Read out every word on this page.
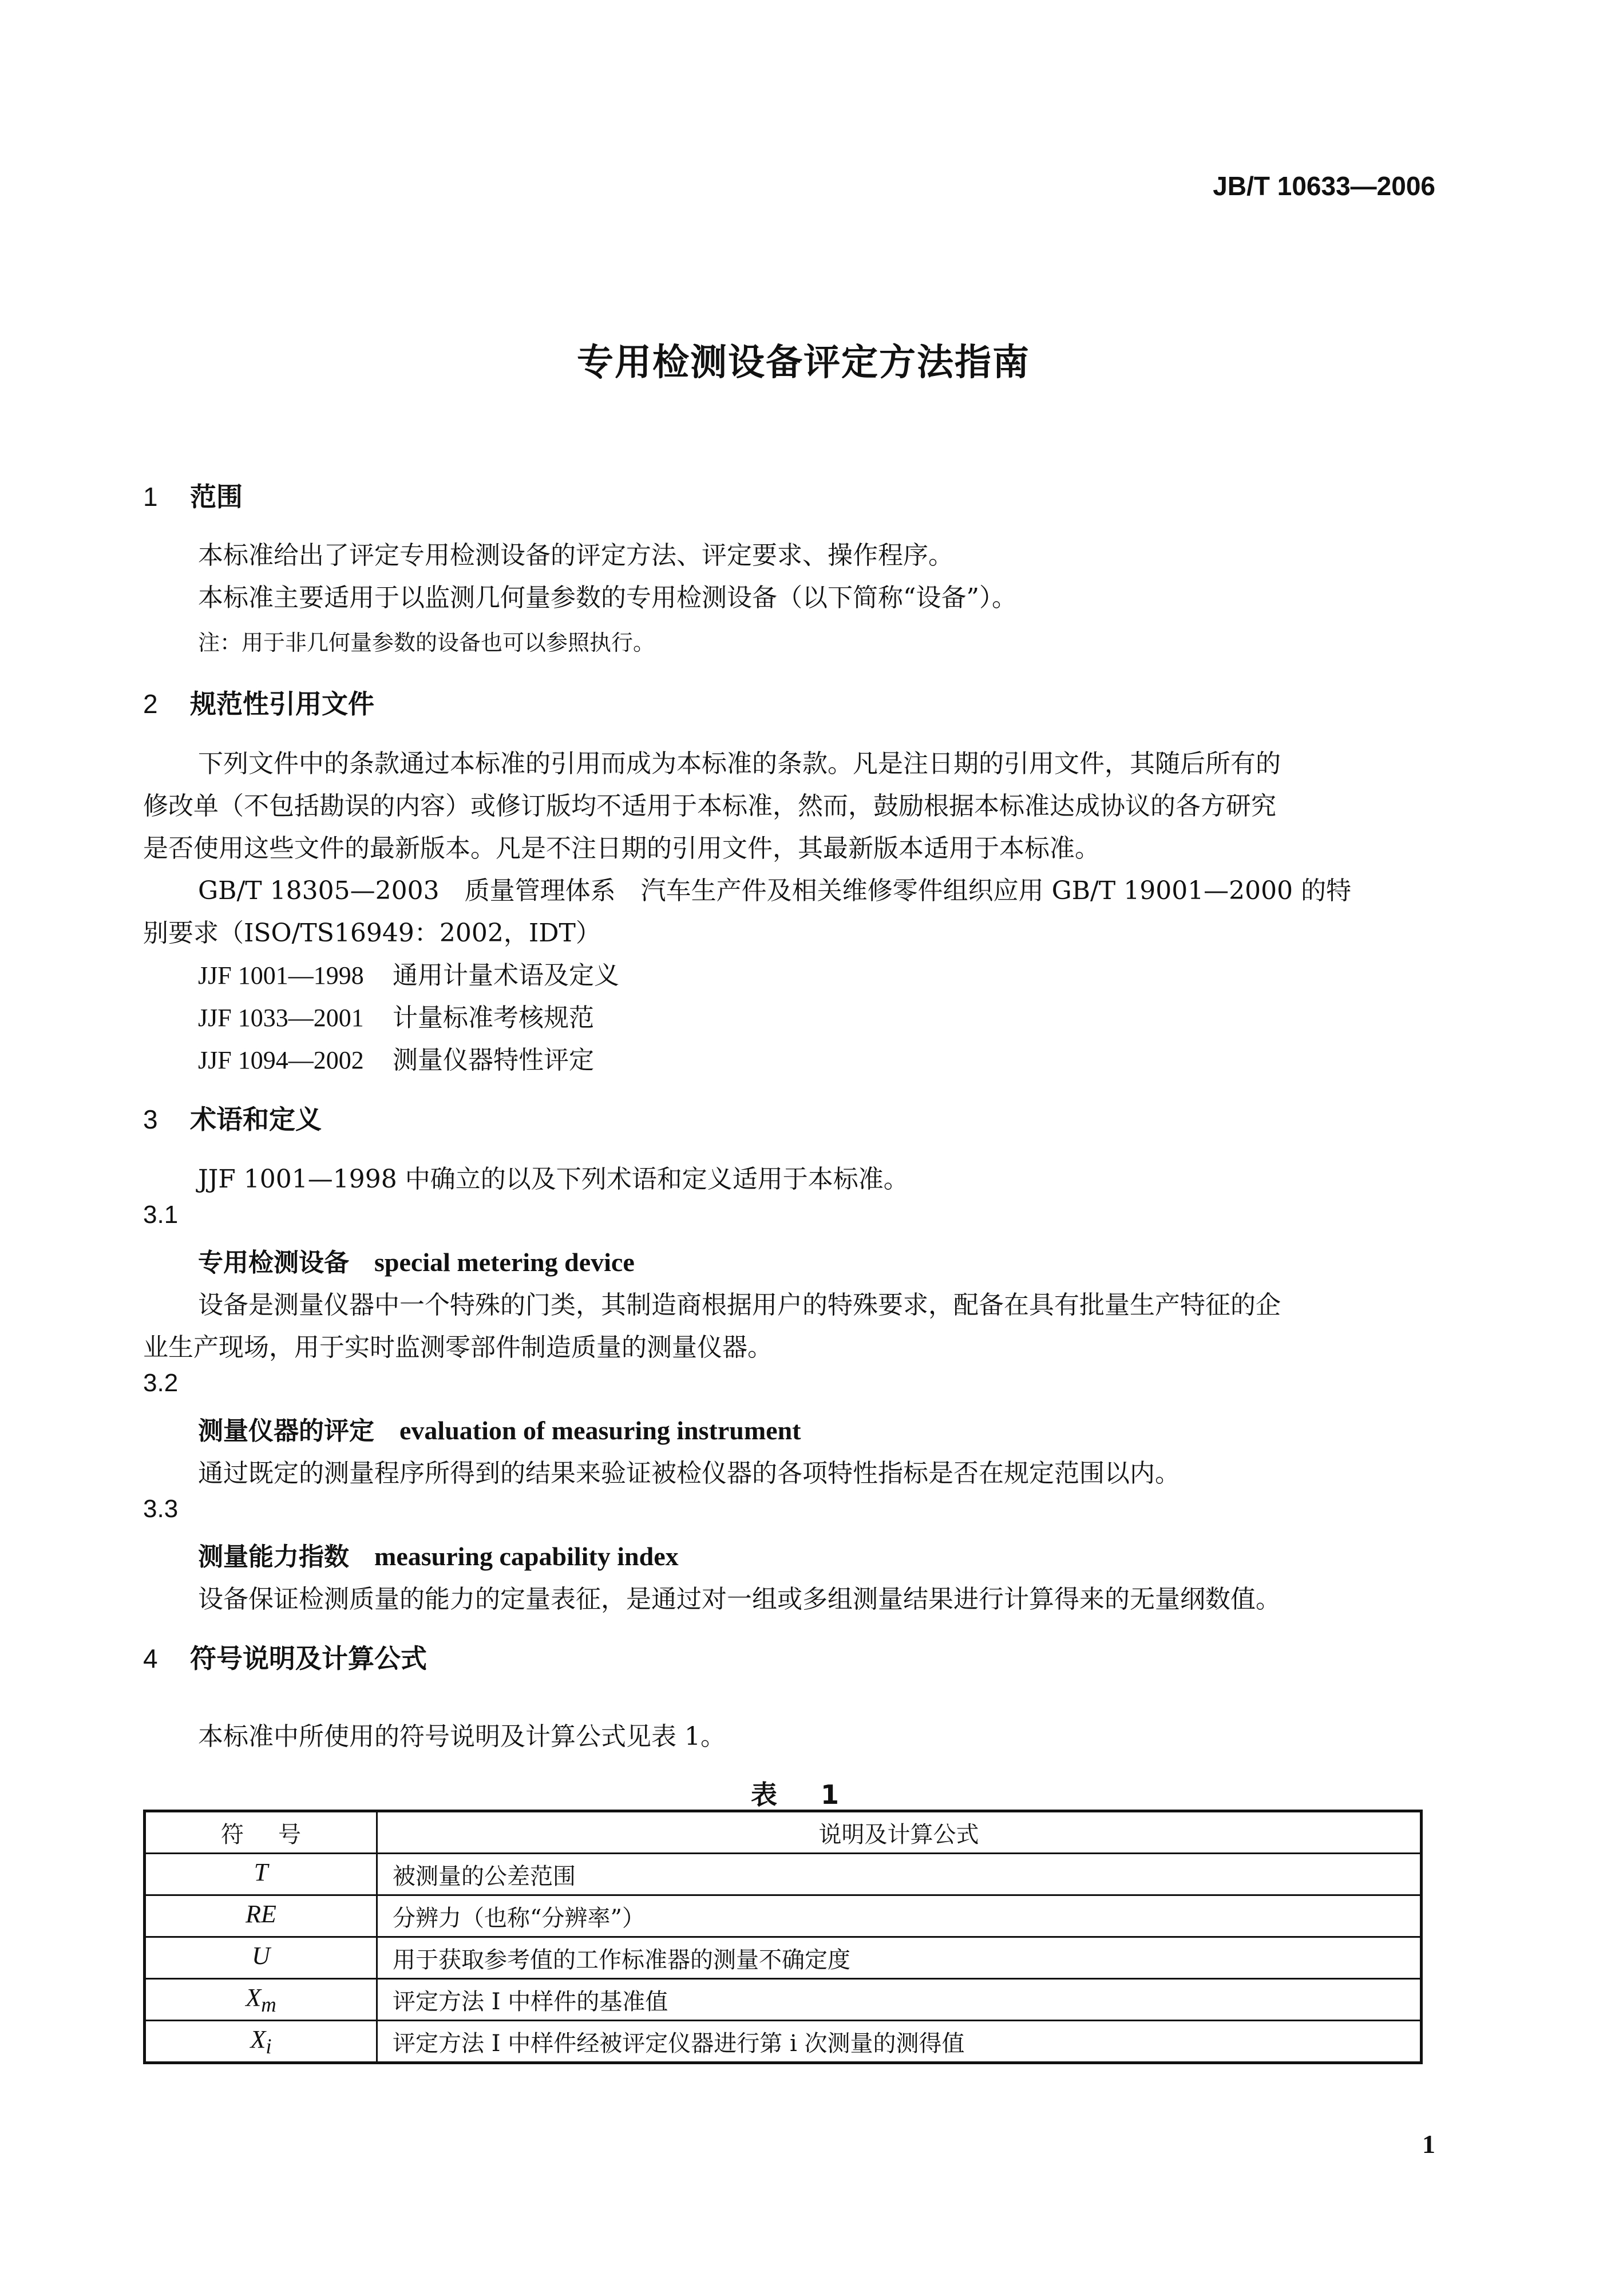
JB/T 10633—2006
专用检测设备评定方法指南
1 范围
本标准给出了评定专用检测设备的评定方法、评定要求、操作程序。
本标准主要适用于以监测几何量参数的专用检测设备（以下简称“设备”）。
注：用于非几何量参数的设备也可以参照执行。
2 规范性引用文件
下列文件中的条款通过本标准的引用而成为本标准的条款。凡是注日期的引用文件，其随后所有的
修改单（不包括勘误的内容）或修订版均不适用于本标准，然而，鼓励根据本标准达成协议的各方研究
是否使用这些文件的最新版本。凡是不注日期的引用文件，其最新版本适用于本标准。
GB/T 18305—2003　质量管理体系　汽车生产件及相关维修零件组织应用 GB/T 19001—2000 的特
别要求（ISO/TS16949：2002，IDT）
JJF 1001—1998 通用计量术语及定义
JJF 1033—2001 计量标准考核规范
JJF 1094—2002 测量仪器特性评定
3 术语和定义
JJF 1001—1998 中确立的以及下列术语和定义适用于本标准。
3.1
专用检测设备 special metering device
设备是测量仪器中一个特殊的门类，其制造商根据用户的特殊要求，配备在具有批量生产特征的企
业生产现场，用于实时监测零部件制造质量的测量仪器。
3.2
测量仪器的评定 evaluation of measuring instrument
通过既定的测量程序所得到的结果来验证被检仪器的各项特性指标是否在规定范围以内。
3.3
测量能力指数 measuring capability index
设备保证检测质量的能力的定量表征，是通过对一组或多组测量结果进行计算得来的无量纲数值。
4 符号说明及计算公式
本标准中所使用的符号说明及计算公式见表 1。
表 1
符号	说明及计算公式
T	被测量的公差范围
RE	分辨力（也称“分辨率”）
U	用于获取参考值的工作标准器的测量不确定度
$X_m$	评定方法 I 中样件的基准值
$X_i$	评定方法 I 中样件经被评定仪器进行第 i 次测量的测得值
1
